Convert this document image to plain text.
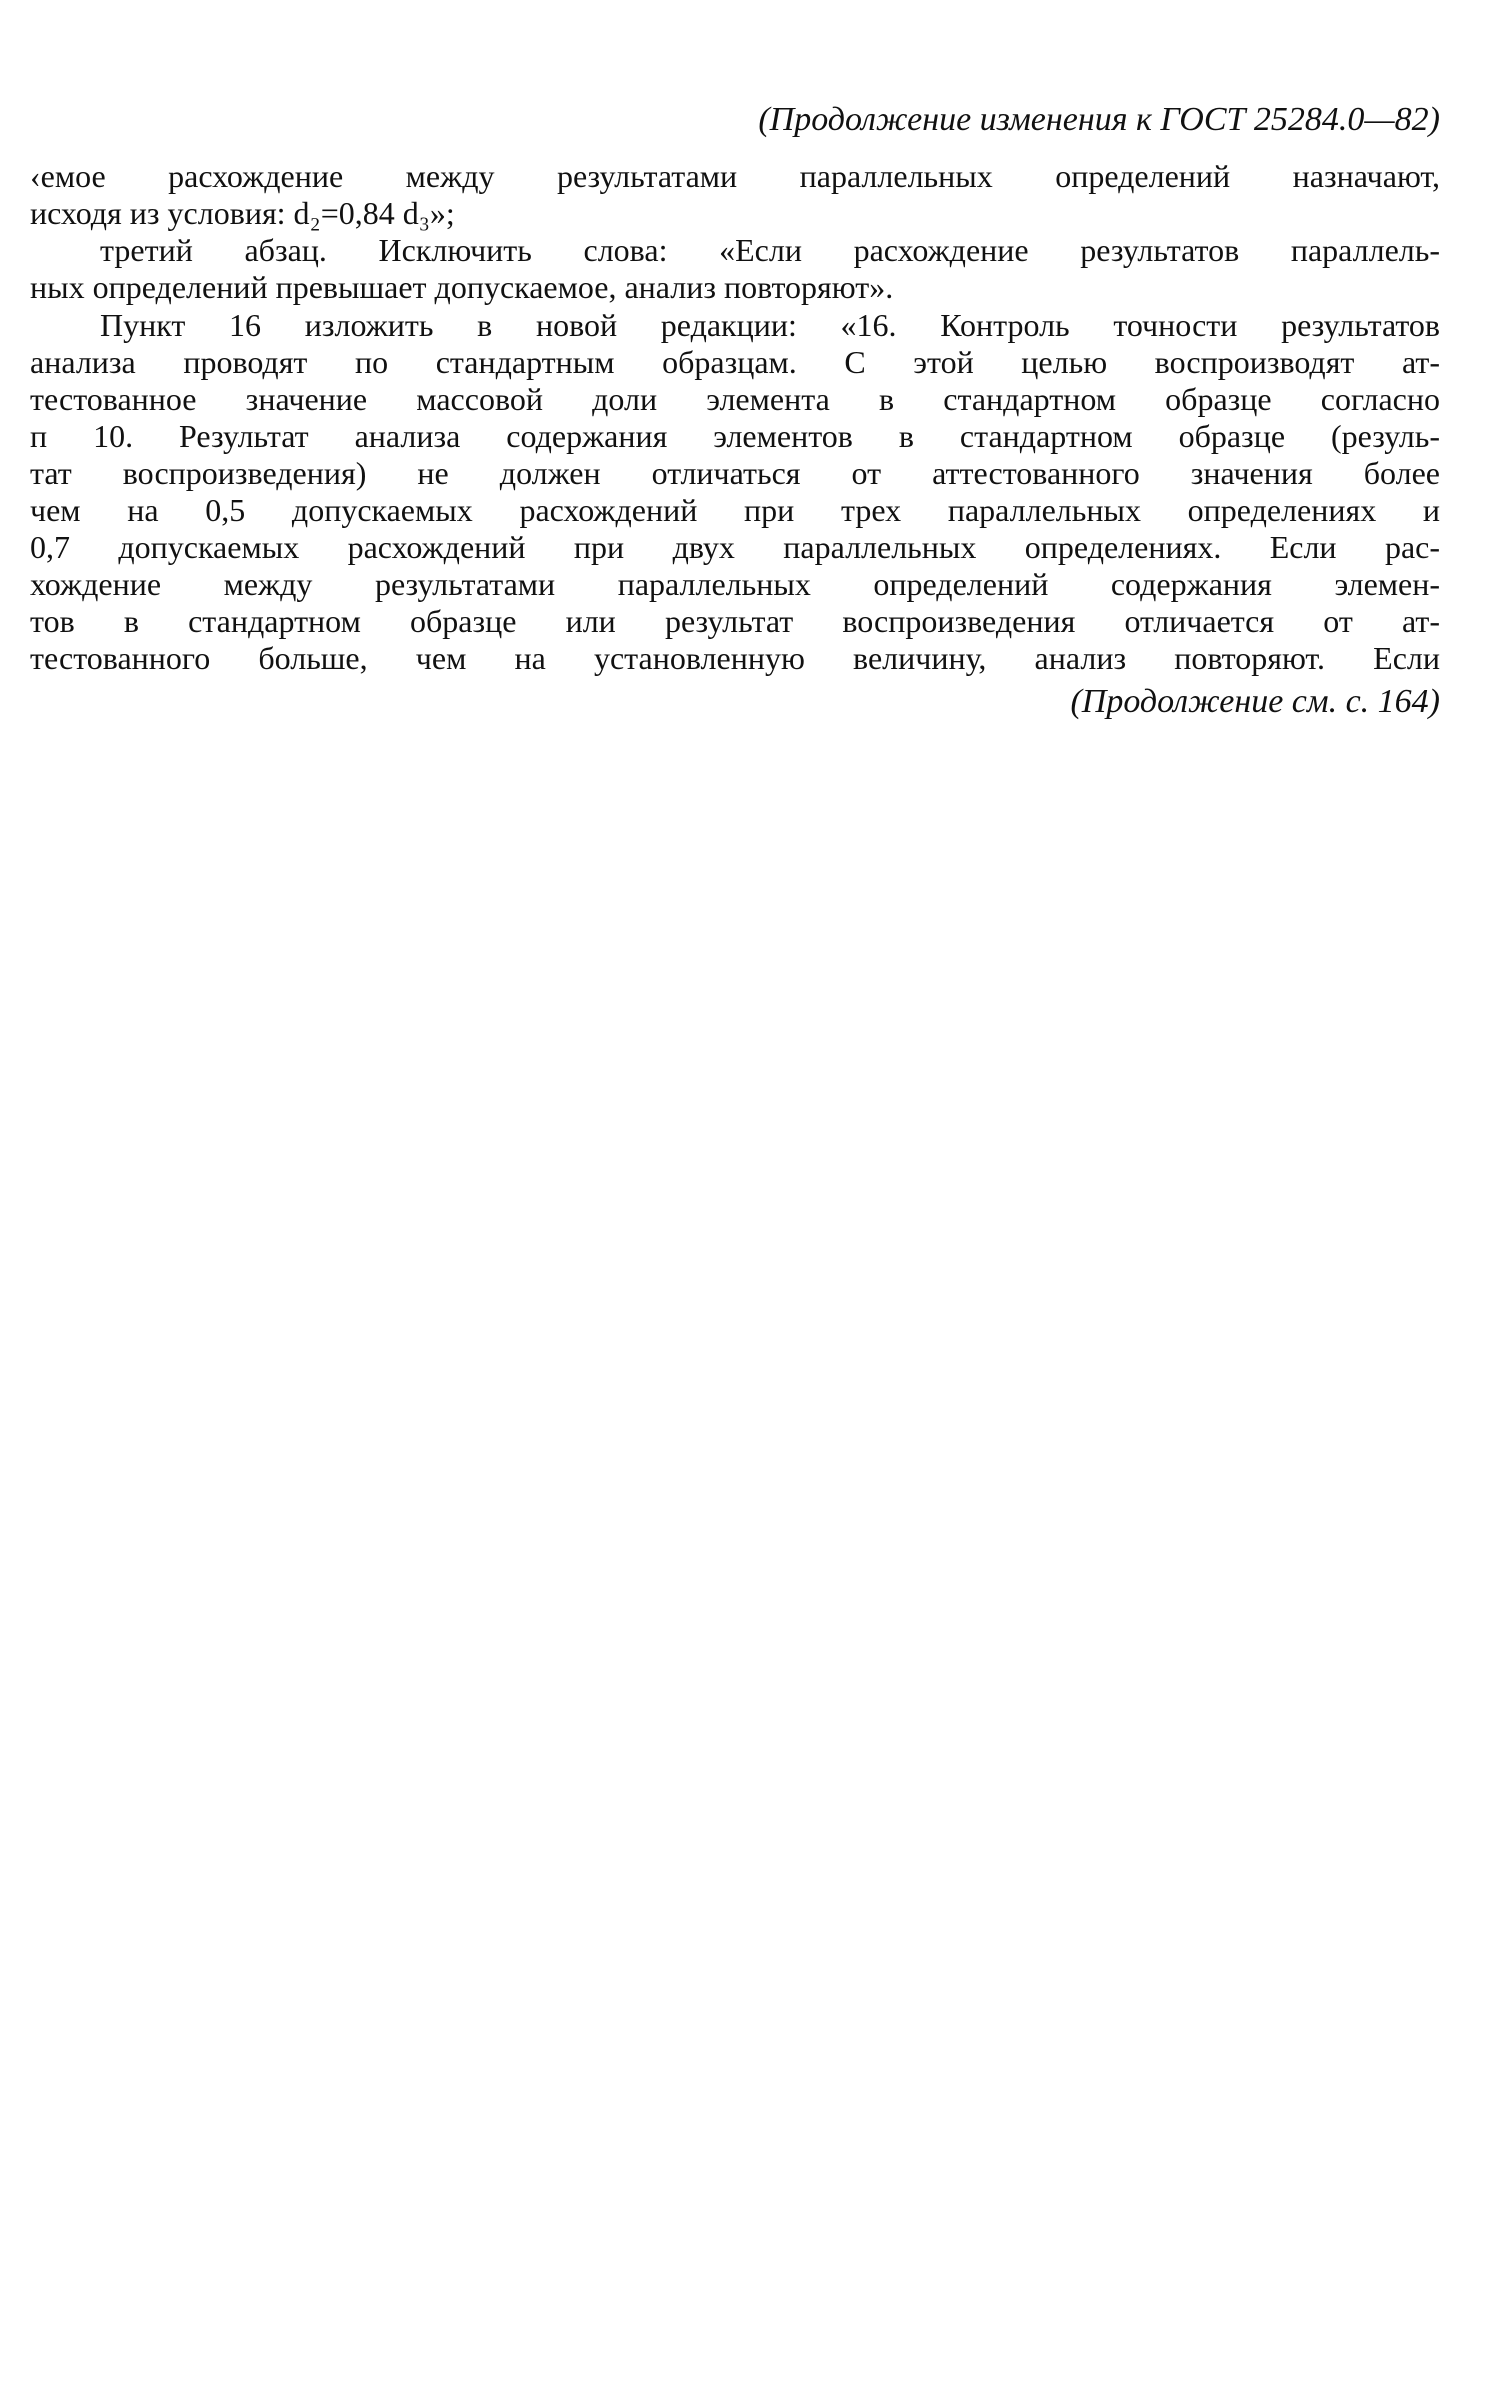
(Продолжение изменения к ГОСТ 25284.0—82)
‹емое расхождение между результатами параллельных определений назначают,
исходя из условия: d₂=0,84 d₃»;
третий абзац. Исключить слова: «Если расхождение результатов параллель-
ных определений превышает допускаемое, анализ повторяют».
Пункт 16 изложить в новой редакции: «16. Контроль точности результатов
анализа проводят по стандартным образцам. С этой целью воспроизводят ат-
тестованное значение массовой доли элемента в стандартном образце согласно
п 10. Результат анализа содержания элементов в стандартном образце (резуль-
тат воспроизведения) не должен отличаться от аттестованного значения более
чем на 0,5 допускаемых расхождений при трех параллельных определениях и
0,7 допускаемых расхождений при двух параллельных определениях. Если рас-
хождение между результатами параллельных определений содержания элемен-
тов в стандартном образце или результат воспроизведения отличается от ат-
тестованного больше, чем на установленную величину, анализ повторяют. Если
(Продолжение см. с. 164)
